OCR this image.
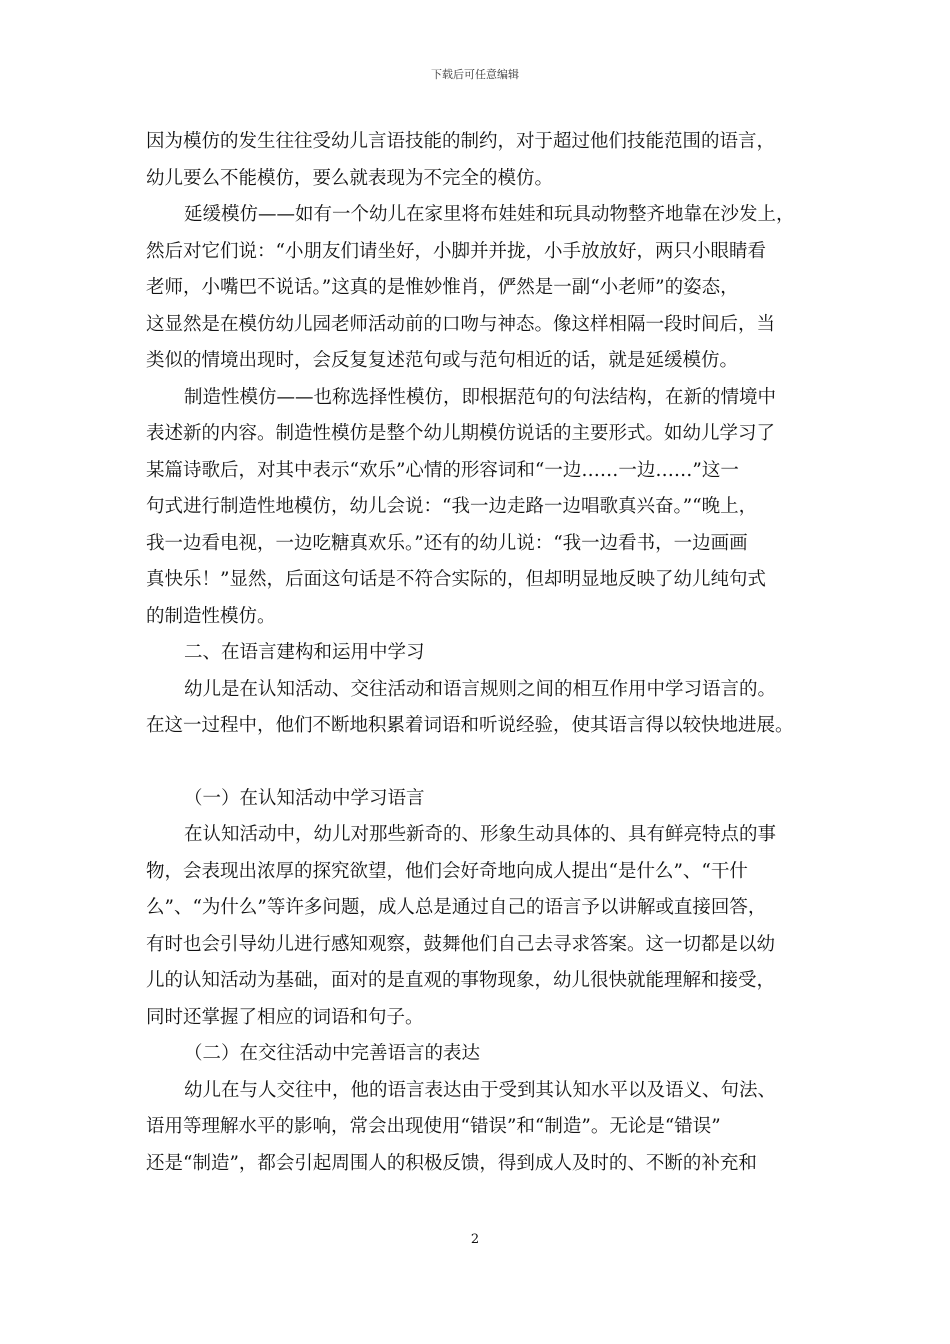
下载后可任意编辑
因为模仿的发生往往受幼儿言语技能的制约，对于超过他们技能范围的语言，
幼儿要么不能模仿，要么就表现为不完全的模仿。
延缓模仿——如有一个幼儿在家里将布娃娃和玩具动物整齐地靠在沙发上，
然后对它们说：“小朋友们请坐好，小脚并并拢，小手放放好，两只小眼睛看
老师，小嘴巴不说话。”这真的是惟妙惟肖，俨然是一副“小老师”的姿态，
这显然是在模仿幼儿园老师活动前的口吻与神态。像这样相隔一段时间后，当
类似的情境出现时，会反复复述范句或与范句相近的话，就是延缓模仿。
制造性模仿——也称选择性模仿，即根据范句的句法结构，在新的情境中
表述新的内容。制造性模仿是整个幼儿期模仿说话的主要形式。如幼儿学习了
某篇诗歌后，对其中表示“欢乐”心情的形容词和“一边……一边……”这一
句式进行制造性地模仿，幼儿会说：“我一边走路一边唱歌真兴奋。”“晚上，
我一边看电视，一边吃糖真欢乐。”还有的幼儿说：“我一边看书，一边画画
真快乐！”显然，后面这句话是不符合实际的，但却明显地反映了幼儿纯句式
的制造性模仿。
二、在语言建构和运用中学习
幼儿是在认知活动、交往活动和语言规则之间的相互作用中学习语言的。
在这一过程中，他们不断地积累着词语和听说经验，使其语言得以较快地进展。
（一）在认知活动中学习语言
在认知活动中，幼儿对那些新奇的、形象生动具体的、具有鲜亮特点的事
物，会表现出浓厚的探究欲望，他们会好奇地向成人提出“是什么”、“干什
么”、“为什么”等许多问题，成人总是通过自己的语言予以讲解或直接回答，
有时也会引导幼儿进行感知观察，鼓舞他们自己去寻求答案。这一切都是以幼
儿的认知活动为基础，面对的是直观的事物现象，幼儿很快就能理解和接受，
同时还掌握了相应的词语和句子。
（二）在交往活动中完善语言的表达
幼儿在与人交往中，他的语言表达由于受到其认知水平以及语义、句法、
语用等理解水平的影响，常会出现使用“错误”和“制造”。无论是“错误”
还是“制造”，都会引起周围人的积极反馈，得到成人及时的、不断的补充和
2
